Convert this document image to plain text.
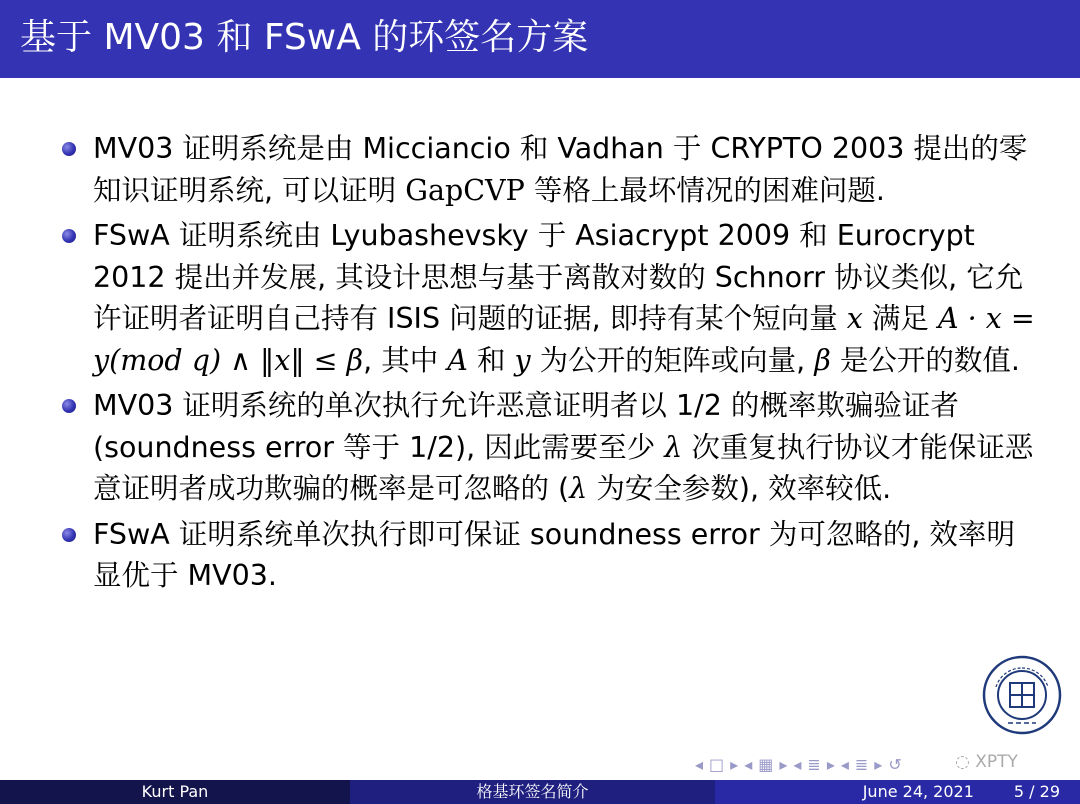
基于 MV03 和 FSwA 的环签名方案
MV03 证明系统是由 Micciancio 和 Vadhan 于 CRYPTO 2003 提出的零知识证明系统, 可以证明 GapCVP 等格上最坏情况的困难问题.
FSwA 证明系统由 Lyubashevsky 于 Asiacrypt 2009 和 Eurocrypt 2012 提出并发展, 其设计思想与基于离散对数的 Schnorr 协议类似, 它允许证明者证明自己持有 ISIS 问题的证据, 即持有某个短向量 x 满足 A · x = y(mod q) ∧ ‖x‖ ≤ β, 其中 A 和 y 为公开的矩阵或向量, β 是公开的数值.
MV03 证明系统的单次执行允许恶意证明者以 1/2 的概率欺骗验证者 (soundness error 等于 1/2), 因此需要至少 λ 次重复执行协议才能保证恶意证明者成功欺骗的概率是可忽略的 (λ 为安全参数), 效率较低.
FSwA 证明系统单次执行即可保证 soundness error 为可忽略的, 效率明显优于 MV03.
◂ □ ▸ ◂ ▦ ▸ ◂ ≣ ▸ ◂ ≣ ▸ ↺	◌ XPTY
Kurt Pan	格基环签名简介	June 24, 2021	5 / 29
